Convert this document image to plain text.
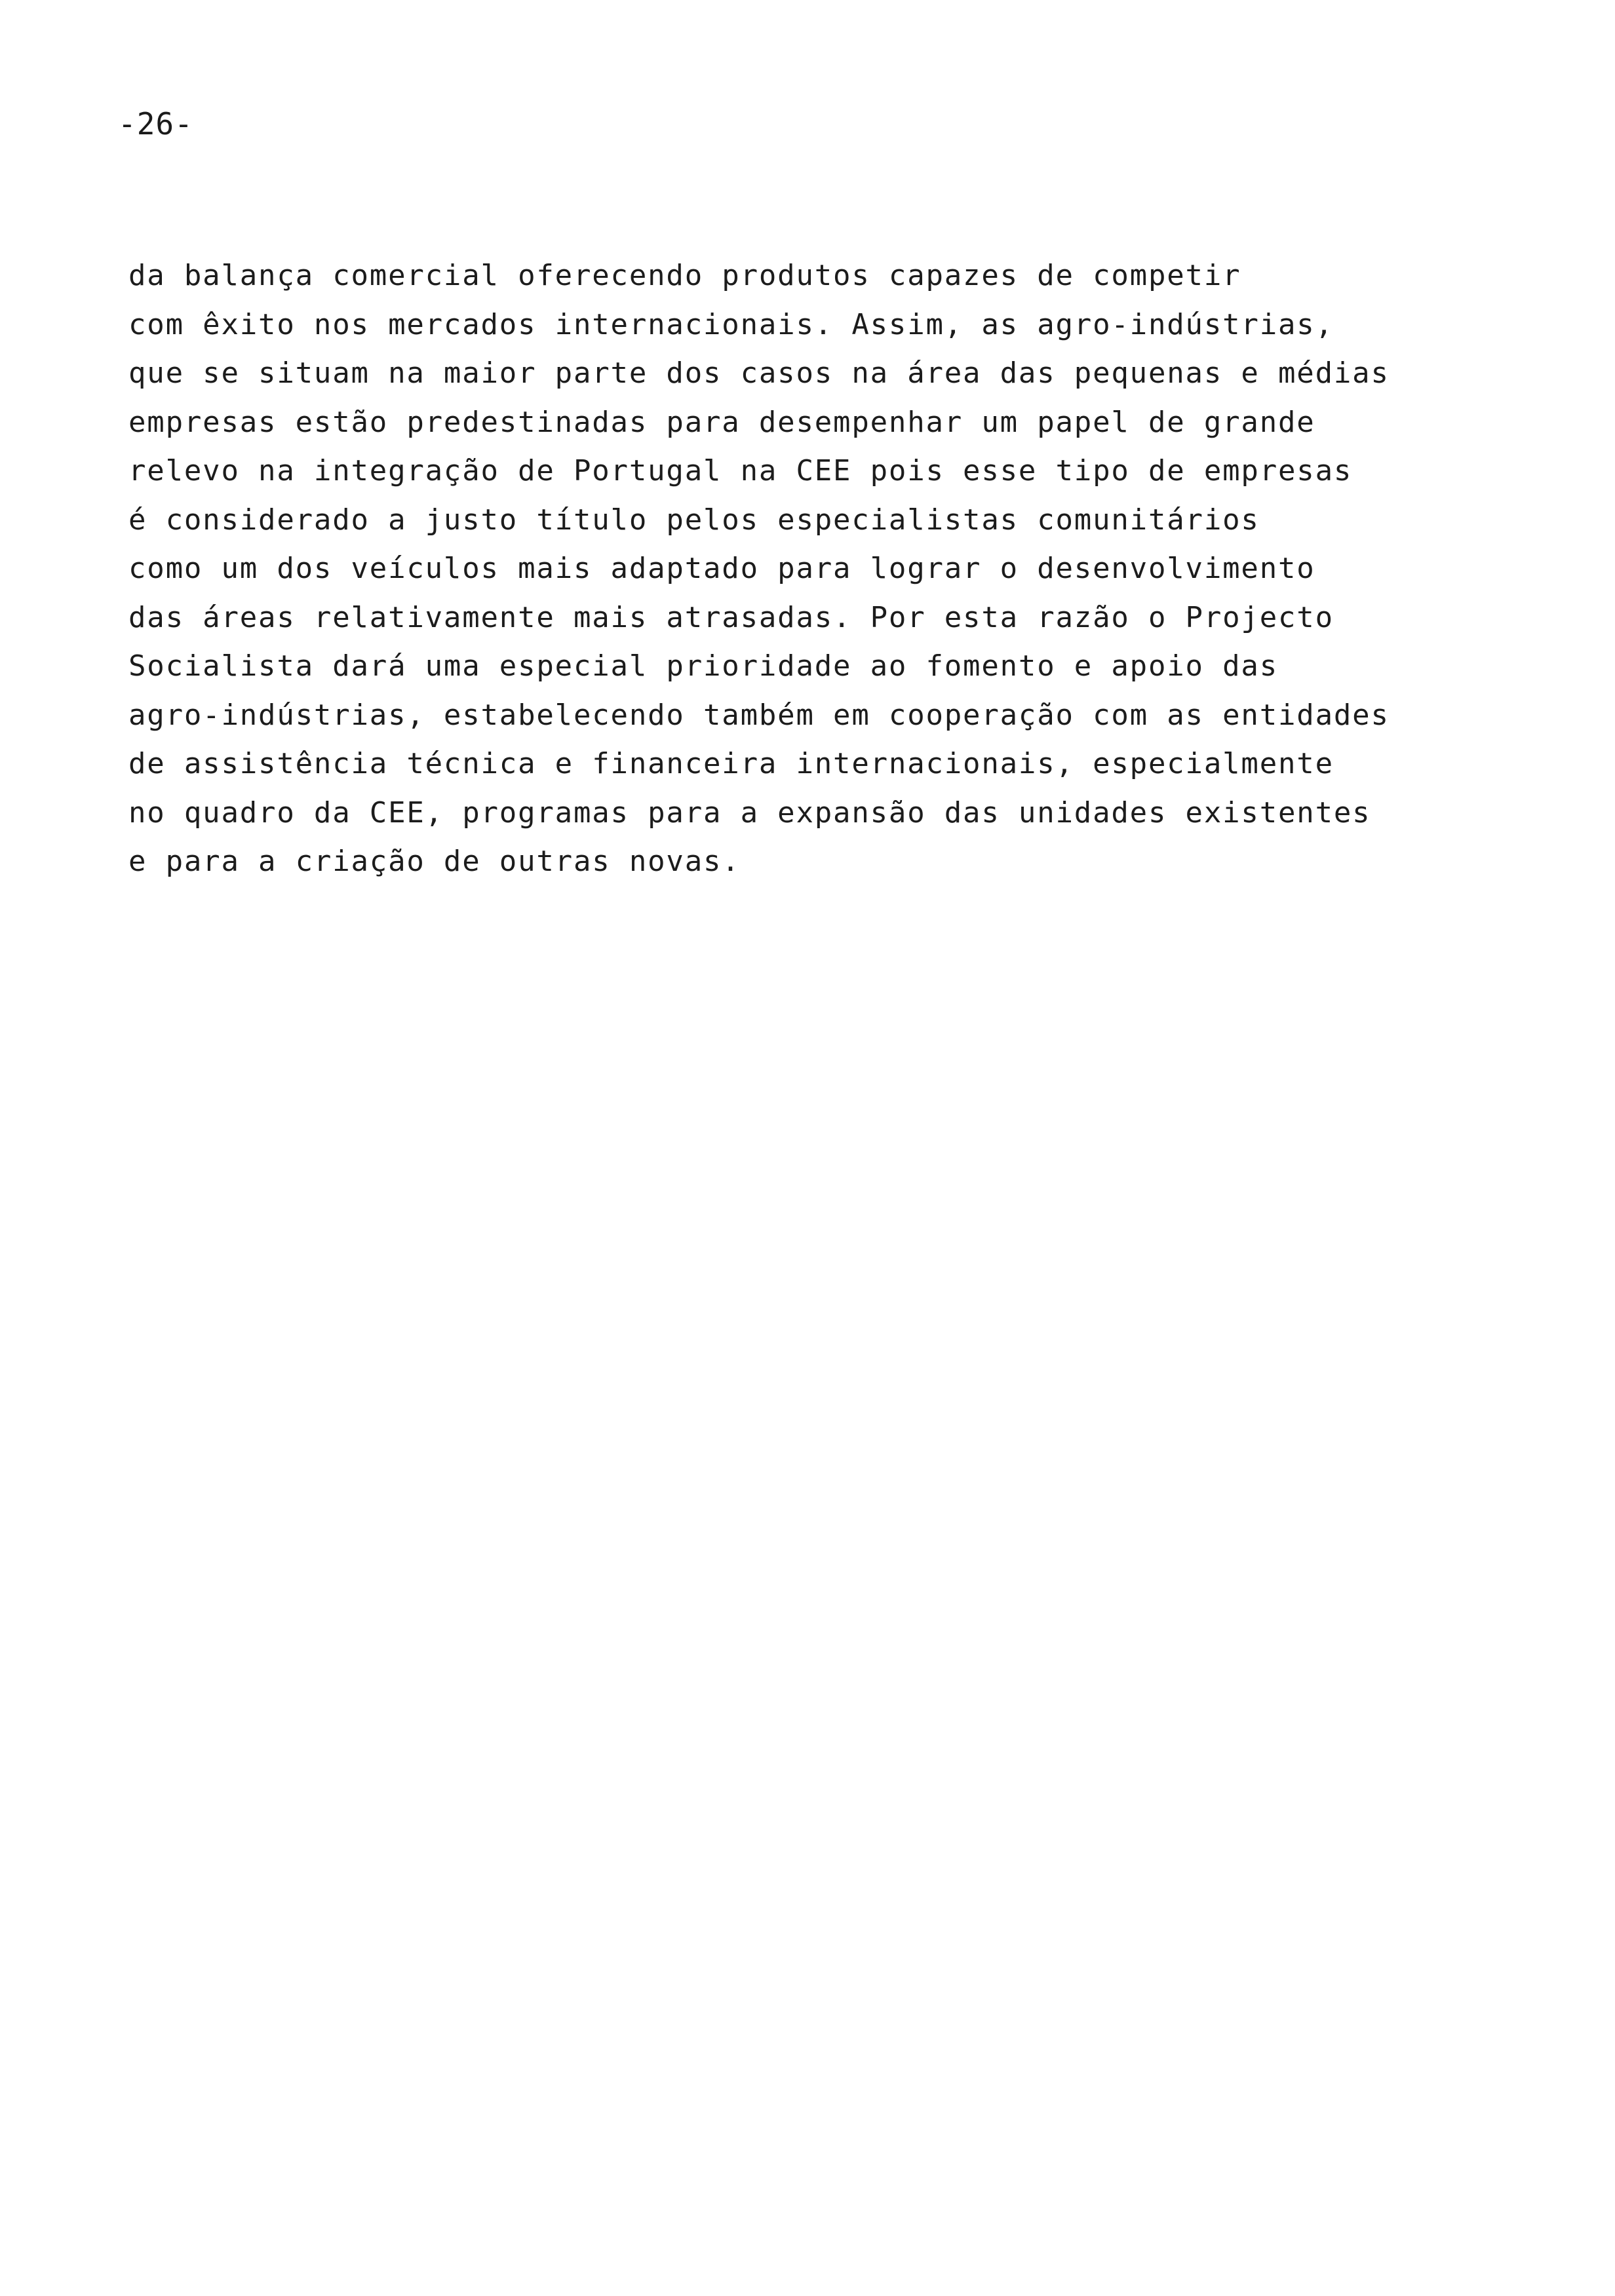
-26-
da balança comercial oferecendo produtos capazes de competir
com êxito nos mercados internacionais. Assim, as agro-indústrias,
que se situam na maior parte dos casos na área das pequenas e médias
empresas estão predestinadas para desempenhar um papel de grande
relevo na integração de Portugal na CEE pois esse tipo de empresas
é considerado a justo título pelos especialistas comunitários
como um dos veículos mais adaptado para lograr o desenvolvimento
das áreas relativamente mais atrasadas. Por esta razão o Projecto
Socialista dará uma especial prioridade ao fomento e apoio das
agro-indústrias, estabelecendo também em cooperação com as entidades
de assistência técnica e financeira internacionais, especialmente
no quadro da CEE, programas para a expansão das unidades existentes
e para a criação de outras novas.
